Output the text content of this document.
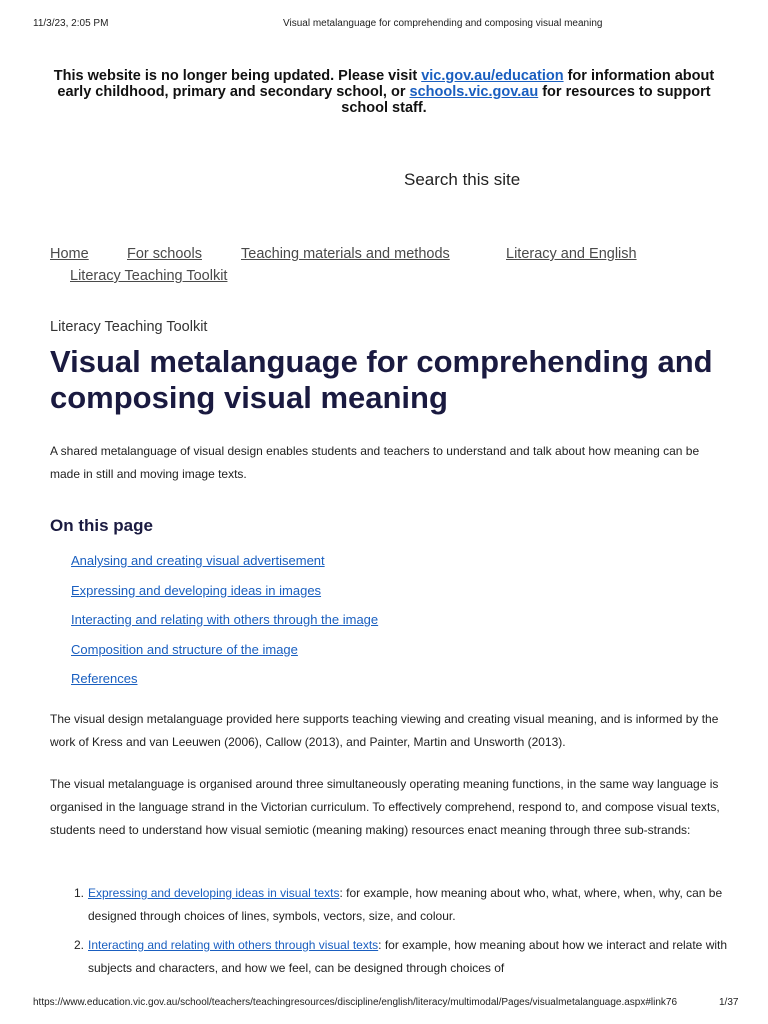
11/3/23, 2:05 PM	Visual metalanguage for comprehending and composing visual meaning
This website is no longer being updated. Please visit vic.gov.au/education for information about early childhood, primary and secondary school, or schools.vic.gov.au for resources to support school staff.
Search this site
Home	For schools	Teaching materials and methods	Literacy and English
Literacy Teaching Toolkit
Literacy Teaching Toolkit
Visual metalanguage for comprehending and composing visual meaning

A shared metalanguage of visual design enables students and teachers to understand and talk about how meaning can be made in still and moving image texts.

On this page
Analysing and creating visual advertisement
Expressing and developing ideas in images
Interacting and relating with others through the image
Composition and structure of the image
References

The visual design metalanguage provided here supports teaching viewing and creating visual meaning, and is informed by the work of Kress and van Leeuwen (2006), Callow (2013), and Painter, Martin and Unsworth (2013).

The visual metalanguage is organised around three simultaneously operating meaning functions, in the same way language is organised in the language strand in the Victorian curriculum. To effectively comprehend, respond to, and compose visual texts, students need to understand how visual semiotic (meaning making) resources enact meaning through three sub-strands:

1. Expressing and developing ideas in visual texts: for example, how meaning about who, what, where, when, why, can be designed through choices of lines, symbols, vectors, size, and colour.
2. Interacting and relating with others through visual texts: for example, how meaning about how we interact and relate with subjects and characters, and how we feel, can be designed through choices of
https://www.education.vic.gov.au/school/teachers/teachingresources/discipline/english/literacy/multimodal/Pages/visualmetalanguage.aspx#link76	1/37
